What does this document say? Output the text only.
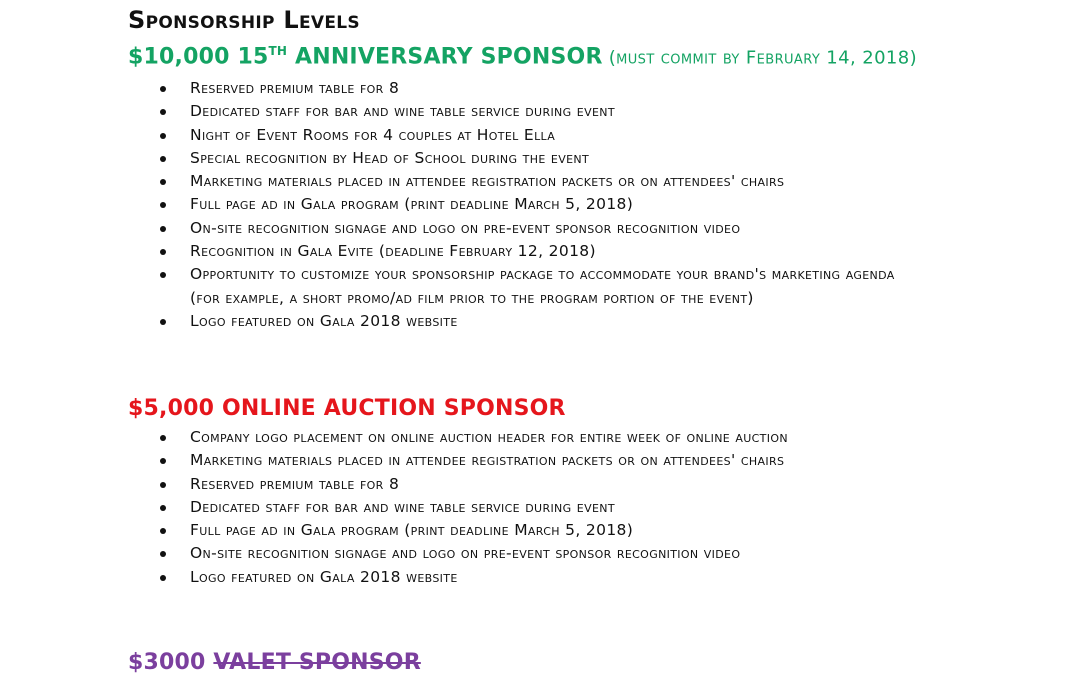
Sponsorship Levels
$10,000 15TH ANNIVERSARY SPONSOR (must commit by February 14, 2018)
Reserved premium table for 8
Dedicated staff for bar and wine table service during event
Night of Event Rooms for 4 couples at Hotel Ella
Special recognition by Head of School during the event
Marketing materials placed in attendee registration packets or on attendees' chairs
Full page ad in Gala program (print deadline March 5, 2018)
On-site recognition signage and logo on pre-event sponsor recognition video
Recognition in Gala Evite (deadline February 12, 2018)
Opportunity to customize your sponsorship package to accommodate your brand's marketing agenda (for example, a short promo/ad film prior to the program portion of the event)
Logo featured on Gala 2018 website
$5,000 ONLINE AUCTION SPONSOR
Company logo placement on online auction header for entire week of online auction
Marketing materials placed in attendee registration packets or on attendees' chairs
Reserved premium table for 8
Dedicated staff for bar and wine table service during event
Full page ad in Gala program (print deadline March 5, 2018)
On-site recognition signage and logo on pre-event sponsor recognition video
Logo featured on Gala 2018 website
$3000 VALET SPONSOR
